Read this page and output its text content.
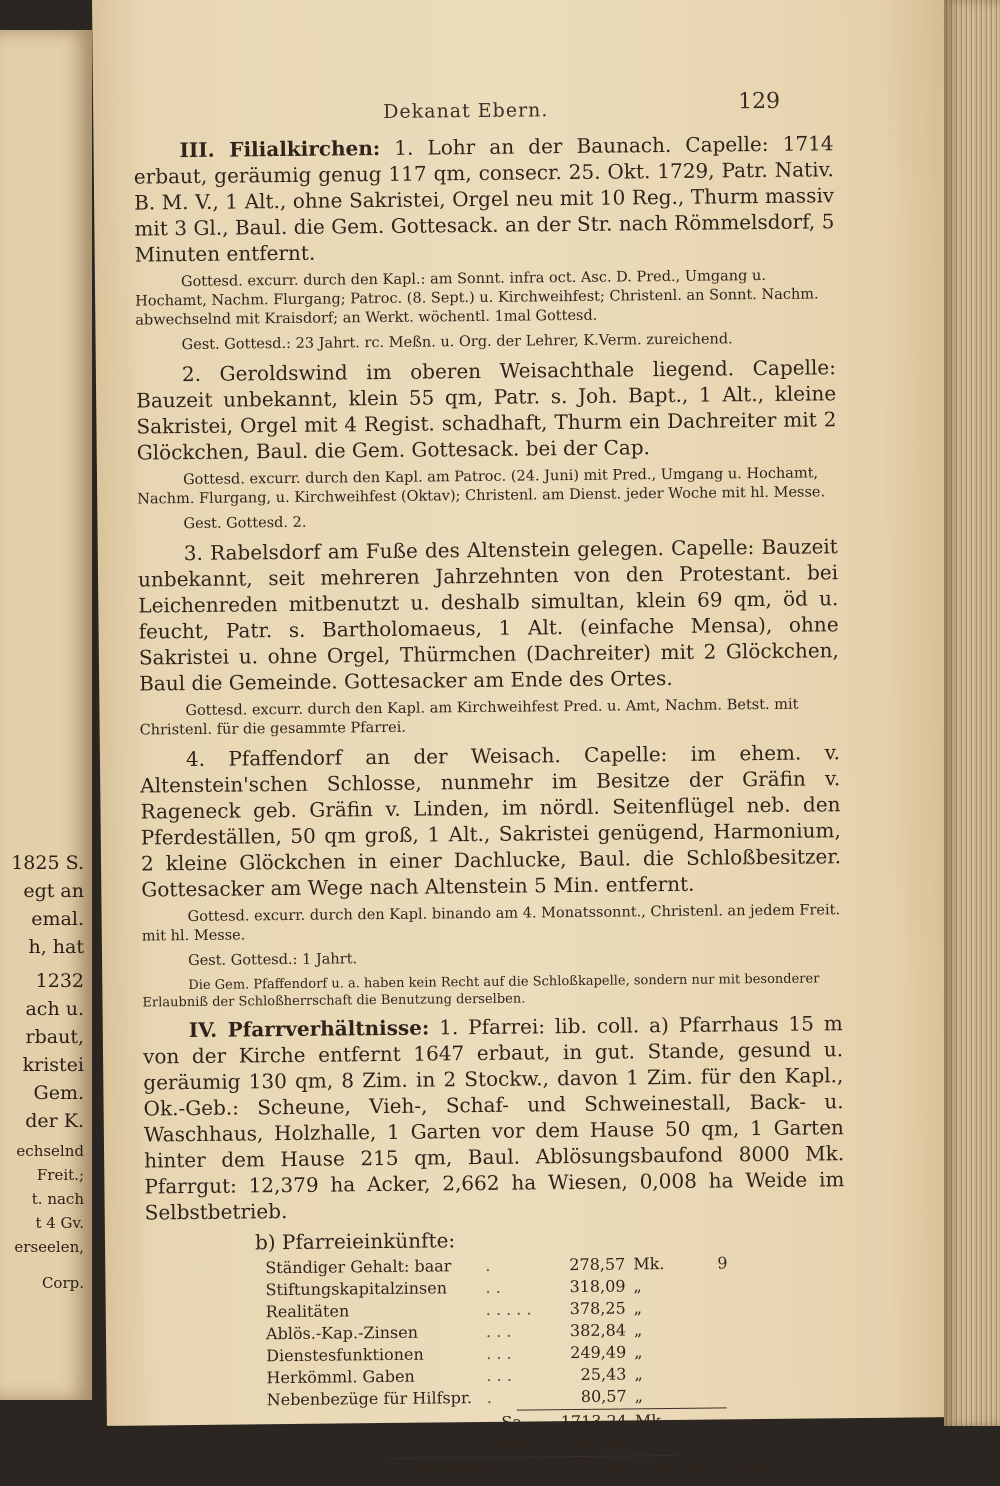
1825 S.
egt an
emal.
h, hat
1232
ach u.
rbaut,
kristei
Gem.
der K.
echselnd
Freit.;
t. nach
t 4 Gv.
erseelen,
Corp.
Dekanat Ebern.	129

III. Filialkirchen: 1. Lohr an der Baunach. Capelle: 1714 erbaut, geräumig genug 117 qm, consecr. 25. Okt. 1729, Patr. Nativ. B. M. V., 1 Alt., ohne Sakristei, Orgel neu mit 10 Reg., Thurm massiv mit 3 Gl., Baul. die Gem. Gottesack. an der Str. nach Römmelsdorf, 5 Minuten entfernt.

Gottesd. excurr. durch den Kapl.: am Sonnt. infra oct. Asc. D. Pred., Umgang u. Hochamt, Nachm. Flurgang; Patroc. (8. Sept.) u. Kirchweihfest; Christenl. an Sonnt. Nachm. abwechselnd mit Kraisdorf; an Werkt. wöchentl. 1mal Gottesd.

Gest. Gottesd.: 23 Jahrt. rc. Meßn. u. Org. der Lehrer, K.Verm. zureichend.

2. Geroldswind im oberen Weisachthale liegend. Capelle: Bauzeit unbekannt, klein 55 qm, Patr. s. Joh. Bapt., 1 Alt., kleine Sakristei, Orgel mit 4 Regist. schadhaft, Thurm ein Dachreiter mit 2 Glöckchen, Baul. die Gem. Gottesack. bei der Cap.

Gottesd. excurr. durch den Kapl. am Patroc. (24. Juni) mit Pred., Umgang u. Hochamt, Nachm. Flurgang, u. Kirchweihfest (Oktav); Christenl. am Dienst. jeder Woche mit hl. Messe.

Gest. Gottesd. 2.

3. Rabelsdorf am Fuße des Altenstein gelegen. Capelle: Bauzeit unbekannt, seit mehreren Jahrzehnten von den Protestant. bei Leichenreden mitbenutzt u. deshalb simultan, klein 69 qm, öd u. feucht, Patr. s. Bartholomaeus, 1 Alt. (einfache Mensa), ohne Sakristei u. ohne Orgel, Thürmchen (Dachreiter) mit 2 Glöckchen, Baul die Gemeinde. Gottesacker am Ende des Ortes.

Gottesd. excurr. durch den Kapl. am Kirchweihfest Pred. u. Amt, Nachm. Betst. mit Christenl. für die gesammte Pfarrei.

4. Pfaffendorf an der Weisach. Capelle: im ehem. v. Altenstein'schen Schlosse, nunmehr im Besitze der Gräfin v. Rageneck geb. Gräfin v. Linden, im nördl. Seitenflügel neb. den Pferdeställen, 50 qm groß, 1 Alt., Sakristei genügend, Harmonium, 2 kleine Glöckchen in einer Dachlucke, Baul. die Schloßbesitzer. Gottesacker am Wege nach Altenstein 5 Min. entfernt.

Gottesd. excurr. durch den Kapl. binando am 4. Monatssonnt., Christenl. an jedem Freit. mit hl. Messe.

Gest. Gottesd.: 1 Jahrt.

Die Gem. Pfaffendorf u. a. haben kein Recht auf die Schloßkapelle, sondern nur mit besonderer Erlaubniß der Schloßherrschaft die Benutzung derselben.

IV. Pfarrverhältnisse: 1. Pfarrei: lib. coll. a) Pfarrhaus 15 m von der Kirche entfernt 1647 erbaut, in gut. Stande, gesund u. geräumig 130 qm, 8 Zim. in 2 Stockw., davon 1 Zim. für den Kapl., Ok.-Geb.: Scheune, Vieh-, Schaf- und Schweinestall, Back- u. Waschhaus, Holzhalle, 1 Garten vor dem Hause 50 qm, 1 Garten hinter dem Hause 215 qm, Baul. Ablösungsbaufond 8000 Mk. Pfarrgut: 12,379 ha Acker, 2,662 ha Wiesen, 0,008 ha Weide im Selbstbetrieb.

b) Pfarreieinkünfte:
Ständiger Gehalt: baar	.	278,57 Mk.
Stiftungskapitalzinsen	. .	318,09 „
Realitäten	. . . . .	378,25 „
Ablös.-Kap.-Zinsen	. . .	382,84 „
Dienstesfunktionen	. . .	249,49 „
Herkömml. Gaben	. . .	25,43 „
Nebenbezüge für Hilfspr. .	80,57 „
Sa.	1713,24 Mk.
Lasten	993,95 „
Reinertrag	719,29 Mk. (34 Mk. n. Stift.)
9
